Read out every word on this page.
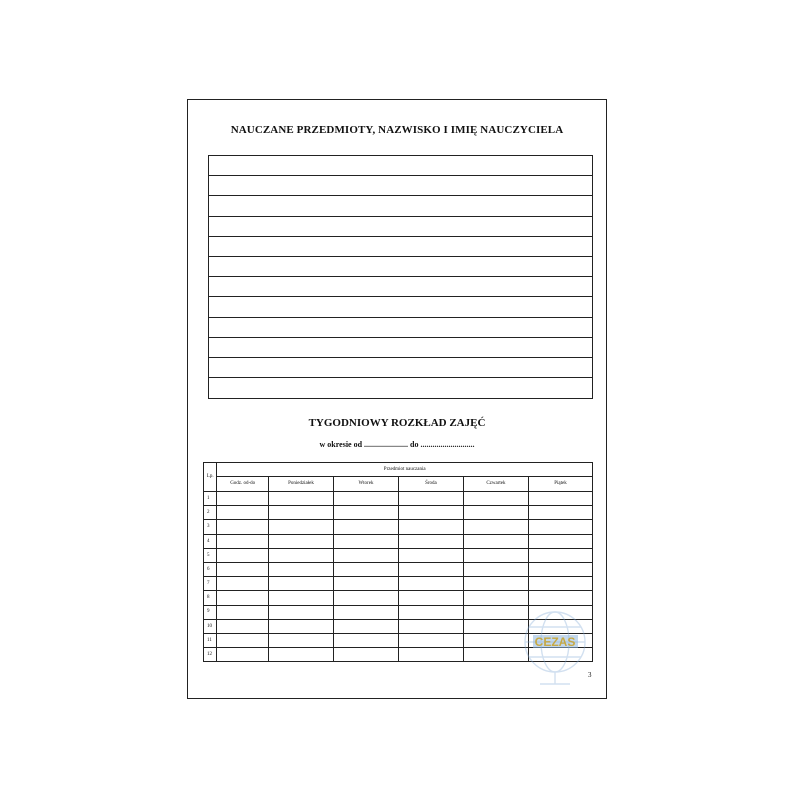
NAUCZANE PRZEDMIOTY, NAZWISKO I IMIĘ NAUCZYCIELA
TYGODNIOWY ROZKŁAD ZAJĘĆ
w okresie od ...................... do ...........................
Lp.	Przedmiot nauczania					
	Godz. od-do	Poniedziałek	Wtorek	Środa	Czwartek	Piątek
1						
2						
3						
4						
5						
6						
7						
8						
9						
10						
11						
12						
3
CEZAS
